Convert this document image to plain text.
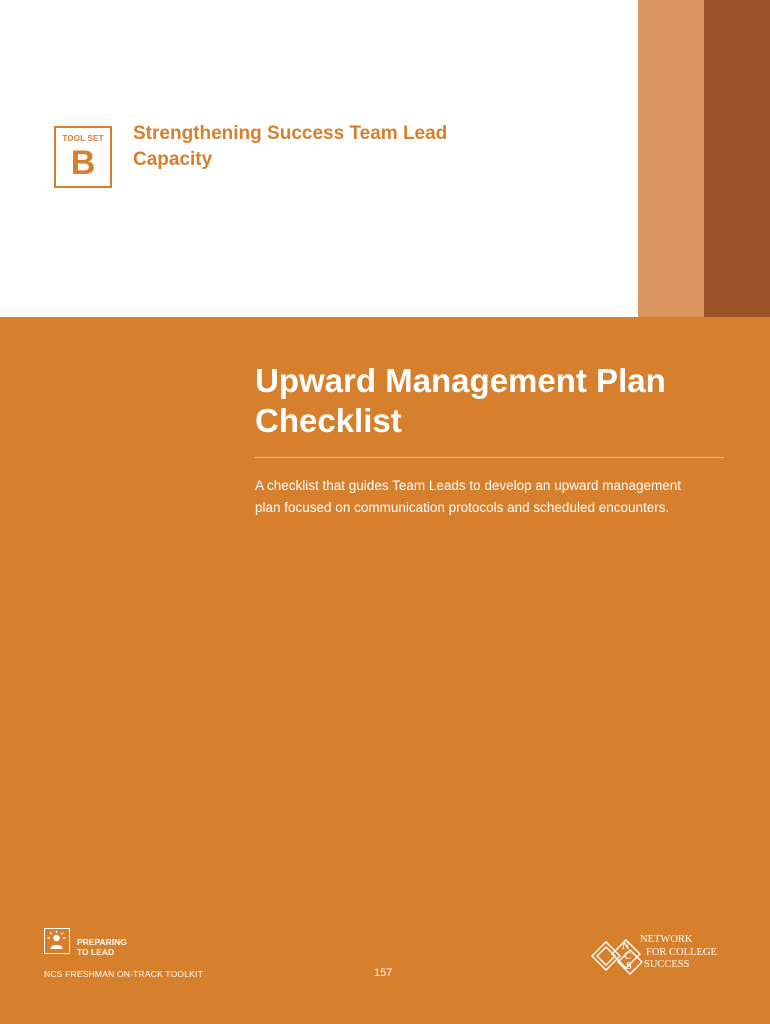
TOOL SET
B
Strengthening Success Team Lead Capacity
Upward Management Plan Checklist

A checklist that guides Team Leads to develop an upward management plan focused on communication protocols and scheduled encounters.

PREPARING
TO LEAD
NCS FRESHMAN ON-TRACK TOOLKIT	157
N
C
S
NETWORK
FOR COLLEGE
SUCCESS
